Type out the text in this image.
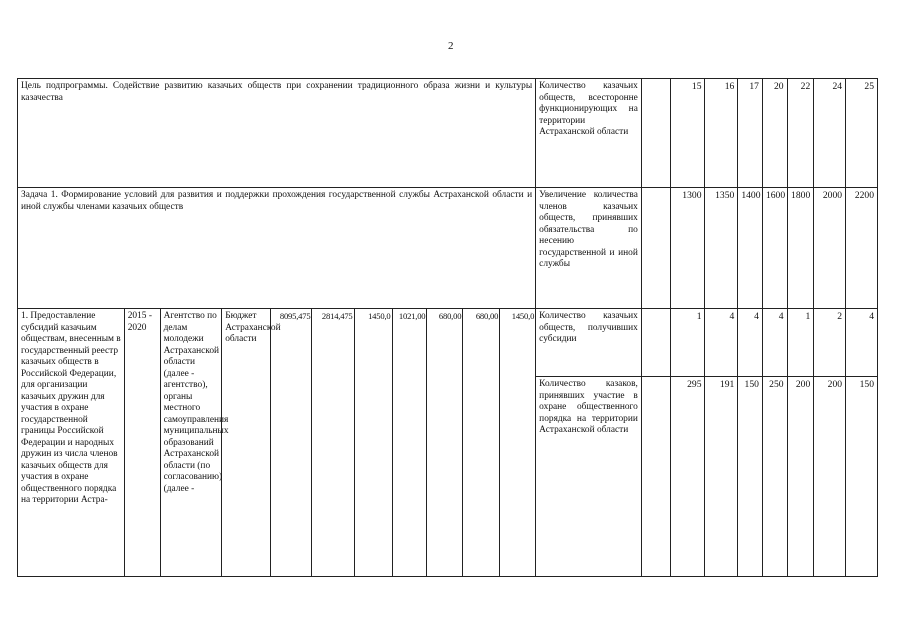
2
Цель подпрограммы. Содействие развитию казачьих обществ при сохранении традиционного образа жизни и культуры казачества											Количество казачьих обществ, всесторонне функционирующих на территории Астраханской области		15	16	17	20	22	24	25
Задача 1. Формирование условий для развития и поддержки прохождения государственной службы Астраханской области и иной службы членами казачьих обществ											Увеличение количества членов казачьих обществ, принявших обязательства по несению государственной и иной службы		1300	1350	1400	1600	1800	2000	2200
1. Предоставление субсидий казачьим обществам, внесенным в государственный реестр казачьих обществ в Российской Федерации, для организации казачьих дружин для участия в охране государственной границы Российской Федерации и народных дружин из числа членов казачьих обществ для участия в охране общественного порядка на территории Астра-	2015 - 2020	Агентство по делам молодежи Астраханской области (далее - агентство), органы местного самоуправления муниципальных образований Астраханской области (по согласованию) (далее -	Бюджет Астраханской области	8095,475	2814,475	1450,0	1021,00	680,00	680,00	1450,0	Количество казачьих обществ, получивших субсидии		1	4	4	4	1	2	4
											Количество казаков, принявших участие в охране общественного порядка на территории Астраханской области		295	191	150	250	200	200	150
